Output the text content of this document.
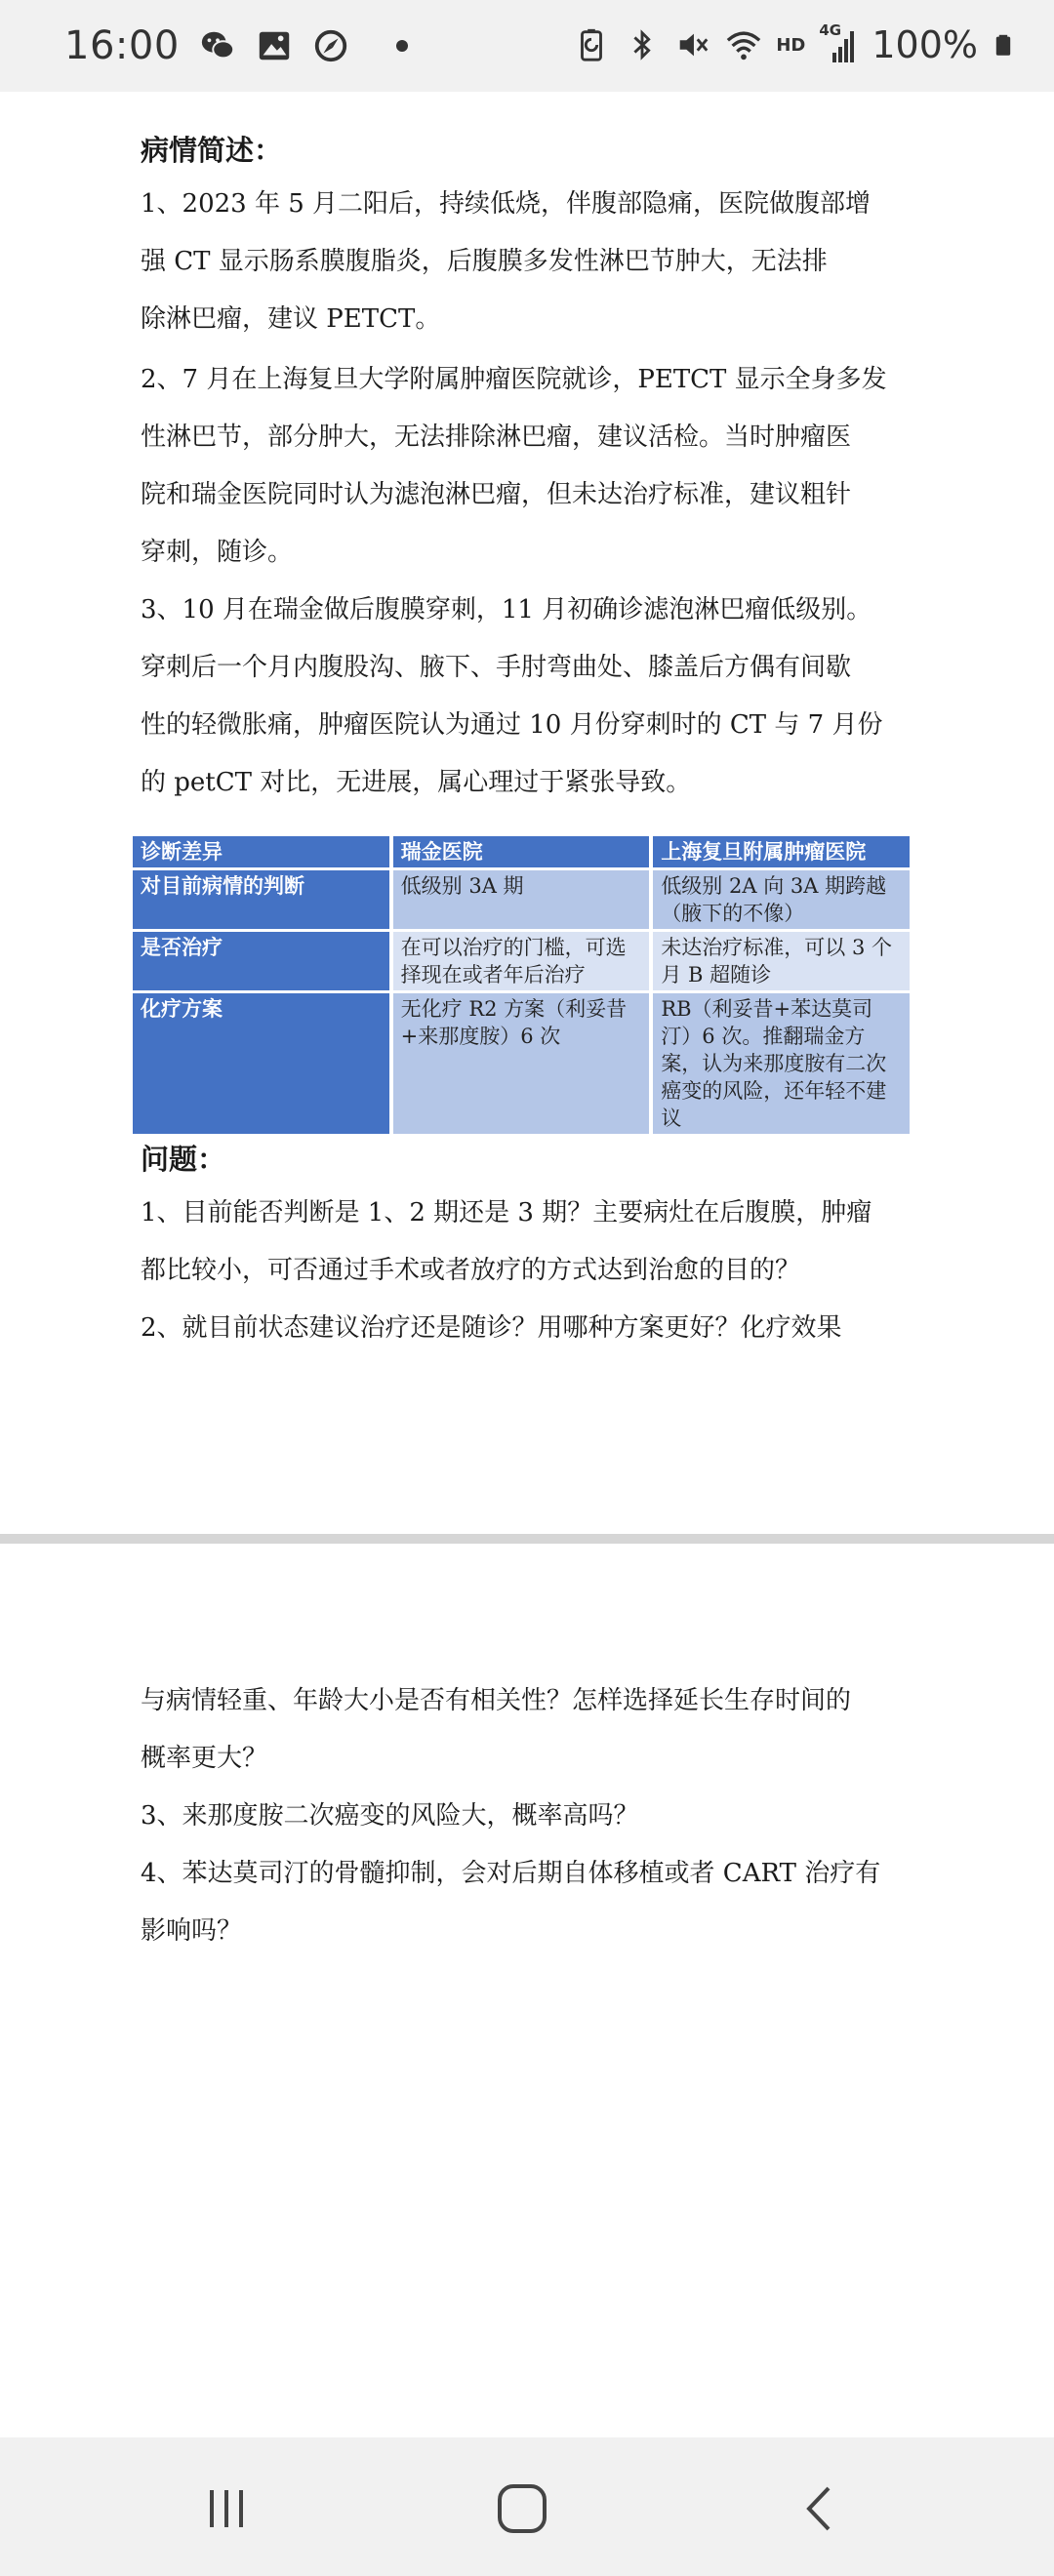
16:00	HD
4G 100%
病情简述：
1、2023 年 5 月二阳后，持续低烧，伴腹部隐痛，医院做腹部增
强 CT 显示肠系膜腹脂炎，后腹膜多发性淋巴节肿大，无法排
除淋巴瘤，建议 PETCT。
2、7 月在上海复旦大学附属肿瘤医院就诊，PETCT 显示全身多发
性淋巴节，部分肿大，无法排除淋巴瘤，建议活检。当时肿瘤医
院和瑞金医院同时认为滤泡淋巴瘤，但未达治疗标准，建议粗针
穿刺，随诊。
3、10 月在瑞金做后腹膜穿刺，11 月初确诊滤泡淋巴瘤低级别。
穿刺后一个月内腹股沟、腋下、手肘弯曲处、膝盖后方偶有间歇
性的轻微胀痛，肿瘤医院认为通过 10 月份穿刺时的 CT 与 7 月份
的 petCT 对比，无进展，属心理过于紧张导致。
诊断差异	瑞金医院	上海复旦附属肿瘤医院
对目前病情的判断	低级别 3A 期	低级别 2A 向 3A 期跨越（腋下的不像）
是否治疗	在可以治疗的门槛，可选择现在或者年后治疗	未达治疗标准，可以 3 个月 B 超随诊
化疗方案	无化疗 R2 方案（利妥昔+来那度胺）6 次	RB（利妥昔+苯达莫司汀）6 次。推翻瑞金方案，认为来那度胺有二次癌变的风险，还年轻不建议
问题：
1、目前能否判断是 1、2 期还是 3 期？主要病灶在后腹膜，肿瘤
都比较小，可否通过手术或者放疗的方式达到治愈的目的？
2、就目前状态建议治疗还是随诊？用哪种方案更好？化疗效果
与病情轻重、年龄大小是否有相关性？怎样选择延长生存时间的
概率更大？
3、来那度胺二次癌变的风险大，概率高吗？
4、苯达莫司汀的骨髓抑制，会对后期自体移植或者 CART 治疗有
影响吗？
